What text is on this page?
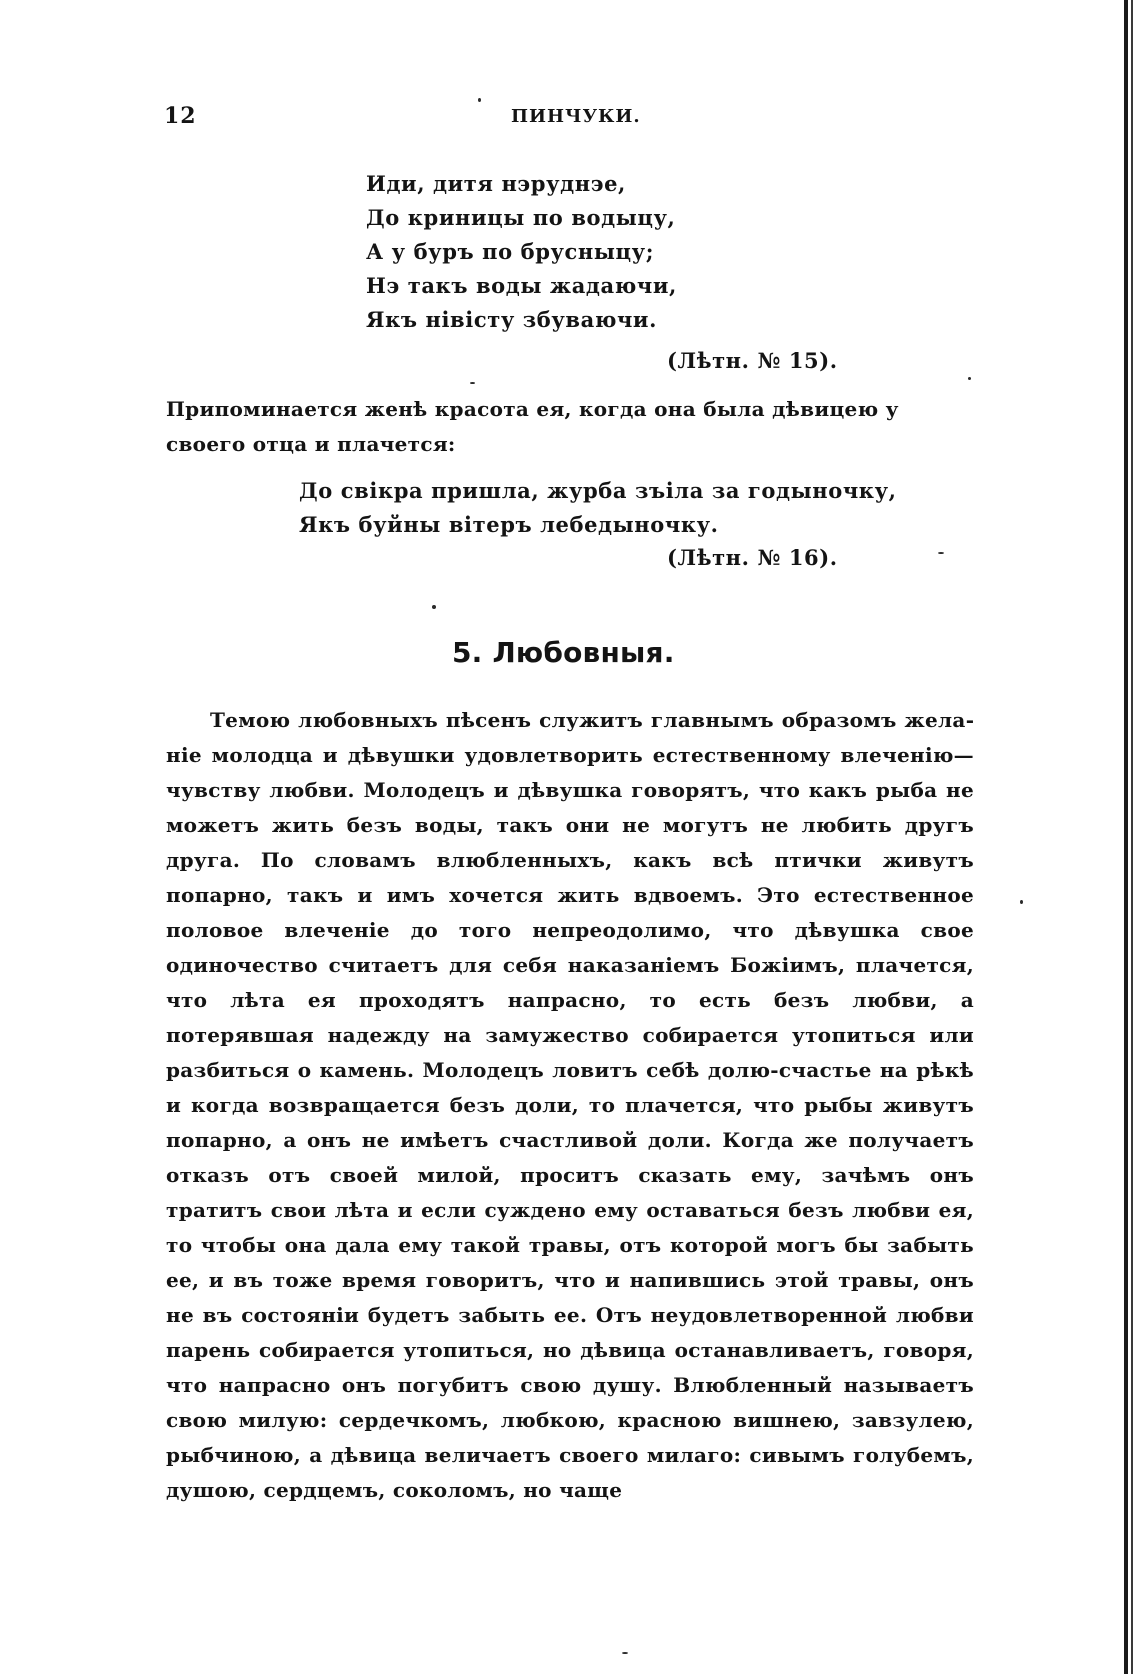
12	ПИНЧУКИ.
Иди, дитя нэруднэе,
До криницы по водыцу,
А у буръ по брусныцу;
Нэ такъ воды жадаючи,
Якъ нівісту збуваючи.
(Лѣтн. № 15).
Припоминается женѣ красота ея, когда она была дѣвицею у своего отца и плачется:
До свікра пришла, журба зъіла за годыночку,
Якъ буйны вітеръ лебедыночку.
(Лѣтн. № 16).
5. Любовныя.
Темою любовныхъ пѣсенъ служитъ главнымъ образомъ желаніе молодца и дѣвушки удовлетворить естественному влеченію— чувству любви. Молодецъ и дѣвушка говорятъ, что какъ рыба не можетъ жить безъ воды, такъ они не могутъ не любить другъ друга. По словамъ влюбленныхъ, какъ всѣ птички живутъ попарно, такъ и имъ хочется жить вдвоемъ. Это естественное половое влеченіе до того непреодолимо, что дѣвушка свое одиночество считаетъ для себя наказаніемъ Божіимъ, плачется, что лѣта ея проходятъ напрасно, то есть безъ любви, а потерявшая надежду на замужество собирается утопиться или разбиться о камень. Молодецъ ловитъ себѣ долю-счастье на рѣкѣ и когда возвращается безъ доли, то плачется, что рыбы живутъ попарно, а онъ не имѣетъ счастливой доли. Когда же получаетъ отказъ отъ своей милой, проситъ сказать ему, зачѣмъ онъ тратитъ свои лѣта и если суждено ему оставаться безъ любви ея, то чтобы она дала ему такой травы, отъ которой могъ бы забыть ее, и въ тоже время говоритъ, что и напившись этой травы, онъ не въ состояніи будетъ забыть ее. Отъ неудовлетворенной любви парень собирается утопиться, но дѣвица останавливаетъ, говоря, что напрасно онъ погубитъ свою душу. Влюбленный называетъ свою милую: сердечкомъ, любкою, красною вишнею, завзулею, рыбчиною, а дѣвица величаетъ своего милаго: сивымъ голубемъ, душою, сердцемъ, соколомъ, но чаще
